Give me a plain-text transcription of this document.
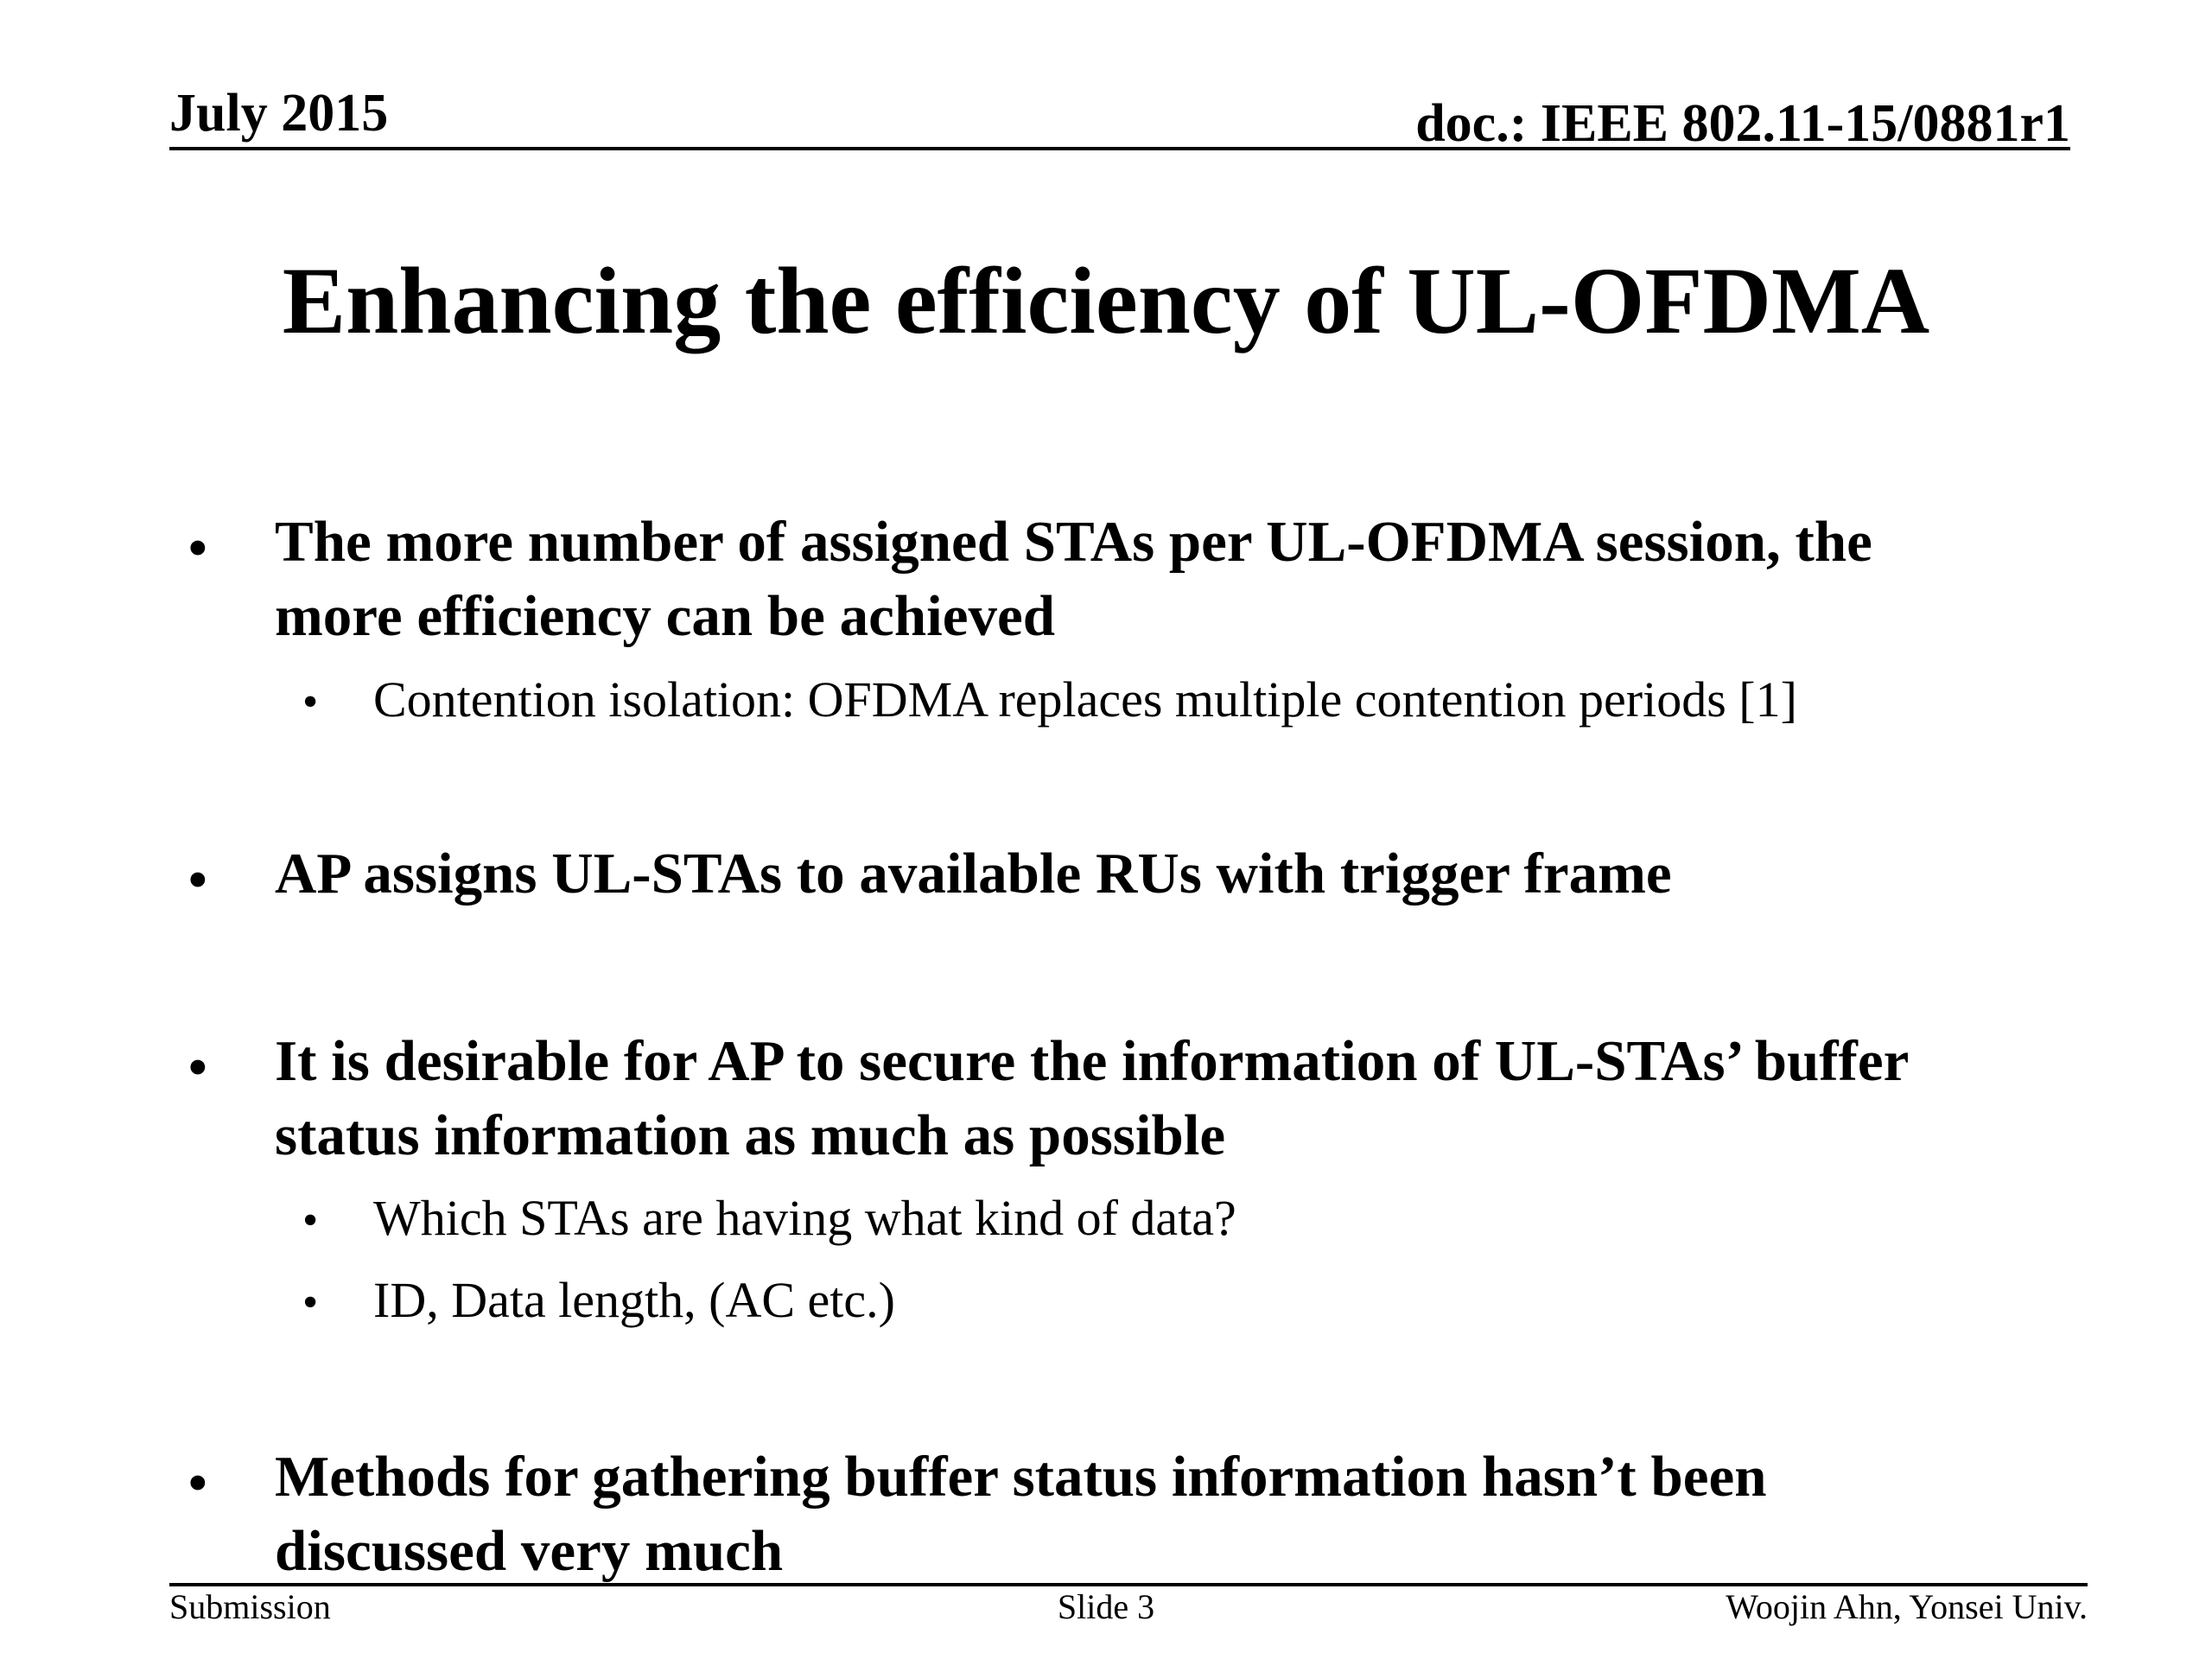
July 2015	doc.: IEEE 802.11-15/0881r1
Enhancing the efficiency of UL-OFDMA
• The more number of assigned STAs per UL-OFDMA session, the
more efficiency can be achieved
• Contention isolation: OFDMA replaces multiple contention periods [1]
• AP assigns UL-STAs to available RUs with trigger frame
• It is desirable for AP to secure the information of UL-STAs’ buffer
status information as much as possible
• Which STAs are having what kind of data?
• ID, Data length, (AC etc.)
• Methods for gathering buffer status information hasn’t been
discussed very much
Submission	Slide 3	Woojin Ahn, Yonsei Univ.
